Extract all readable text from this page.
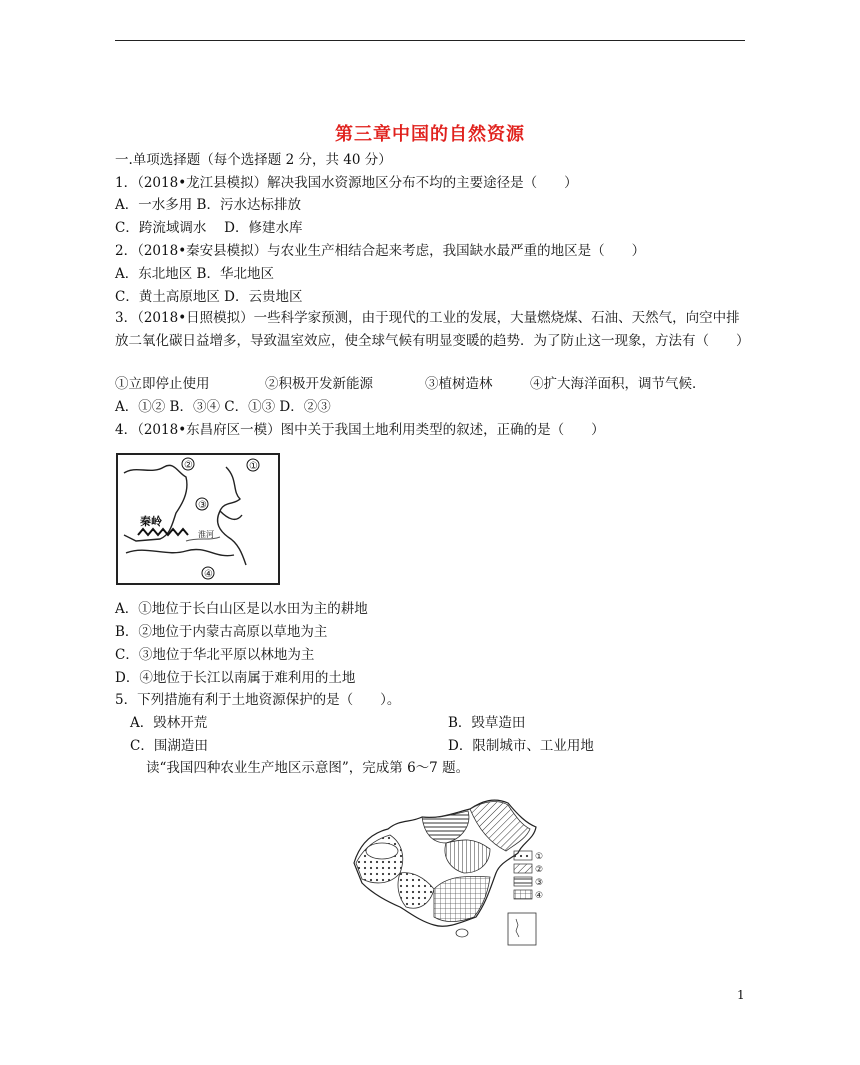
第三章中国的自然资源
一.单项选择题（每个选择题 2 分，共 40 分）
1．（2018•龙江县模拟）解决我国水资源地区分布不均的主要途径是（　　）
A．一水多用 B．污水达标排放
C．跨流域调水　 D．修建水库
2．（2018•秦安县模拟）与农业生产相结合起来考虑，我国缺水最严重的地区是（　　）
A．东北地区 B．华北地区
C．黄土高原地区 D．云贵地区
3．（2018•日照模拟）一些科学家预测，由于现代的工业的发展，大量燃烧煤、石油、天然气，向空中排放二氧化碳日益增多，导致温室效应，使全球气候有明显变暖的趋势．为了防止这一现象，方法有（　　）
①立即停止使用	②积极开发新能源	③植树造林	④扩大海洋面积，调节气候．
A．①② B．③④ C．①③ D．②③
4．（2018•东昌府区一模）图中关于我国土地利用类型的叙述，正确的是（　　）
②	①
③
④
秦岭
淮河
A．①地位于长白山区是以水田为主的耕地
B．②地位于内蒙古高原以草地为主
C．③地位于华北平原以林地为主
D．④地位于长江以南属于难利用的土地
5．下列措施有利于土地资源保护的是（　　）。
A．毁林开荒	B．毁草造田
C．围湖造田	D．限制城市、工业用地
读“我国四种农业生产地区示意图”，完成第 6～7 题。
①
②
③
④
1
